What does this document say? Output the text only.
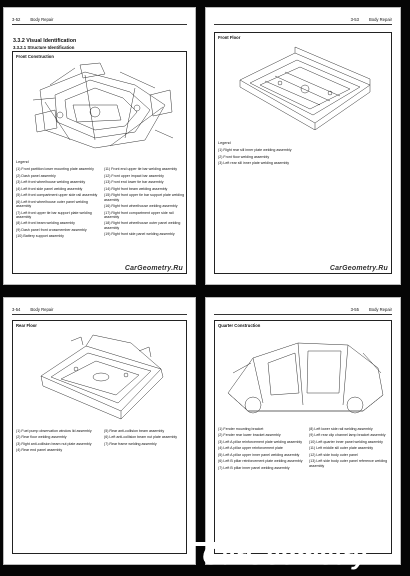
3-52 Body Repair
3.3.2 Visual Identification
3.3.2.1 Structure Identification
Front Construction
Legend
(1) Front partition lower mounting plate assembly
(2) Dash panel assembly
(3) Left front wheelhouse welding assembly
(4) Left front side panel welding assembly
(5) Left front compartment upper side rail assembly
(6) Left front wheelhouse outer panel welding assembly
(7) Left front upper tie bar support plate welding assembly
(8) Left front beam welding assembly
(9) Dash panel front crossmember assembly
(10) Battery support assembly
(11) Front end upper tie bar welding assembly
(12) Front upper impact bar assembly
(13) Front end lower tie bar assembly
(14) Right front beam welding assembly
(15) Right front upper tie bar support plate welding assembly
(16) Right front wheelhouse welding assembly
(17) Right front compartment upper side rail assembly
(18) Right front wheelhouse outer panel welding assembly
(19) Right front side panel welding assembly
CarGeometry.Ru
3-53 Body Repair
Front Floor
Legend
(1) Right rear sill inner plate welding assembly
(2) Front floor welding assembly
(3) Left rear sill inner plate welding assembly
CarGeometry.Ru
3-54 Body Repair
Rear Floor
(1) Fuel pump observation window lid assembly
(2) Rear floor welding assembly
(3) Right anti-collision beam nut plate assembly
(4) Rear end panel assembly
(5) Rear anti-collision beam assembly
(6) Left anti-collision beam nut plate assembly
(7) Rear frame welding assembly
3-55 Body Repair
Quarter Construction
(1) Fender mounting bracket
(2) Fender rear lower bracket assembly
(3) Left A pillar reinforcement plate welding assembly
(4) Left A pillar upper reinforcement plate
(5) Left A pillar upper inner panel welding assembly
(6) Left B pillar reinforcement plate welding assembly
(7) Left B pillar inner panel welding assembly
(8) Left lower side rail welding assembly
(9) Left rear clip channel lamp bracket assembly
(10) Left quarter inner panel welding assembly
(11) Left middle sill outer plate assembly
(12) Left side body outer panel
(13) Left side body outer panel reference welding assembly
CarGeometry
